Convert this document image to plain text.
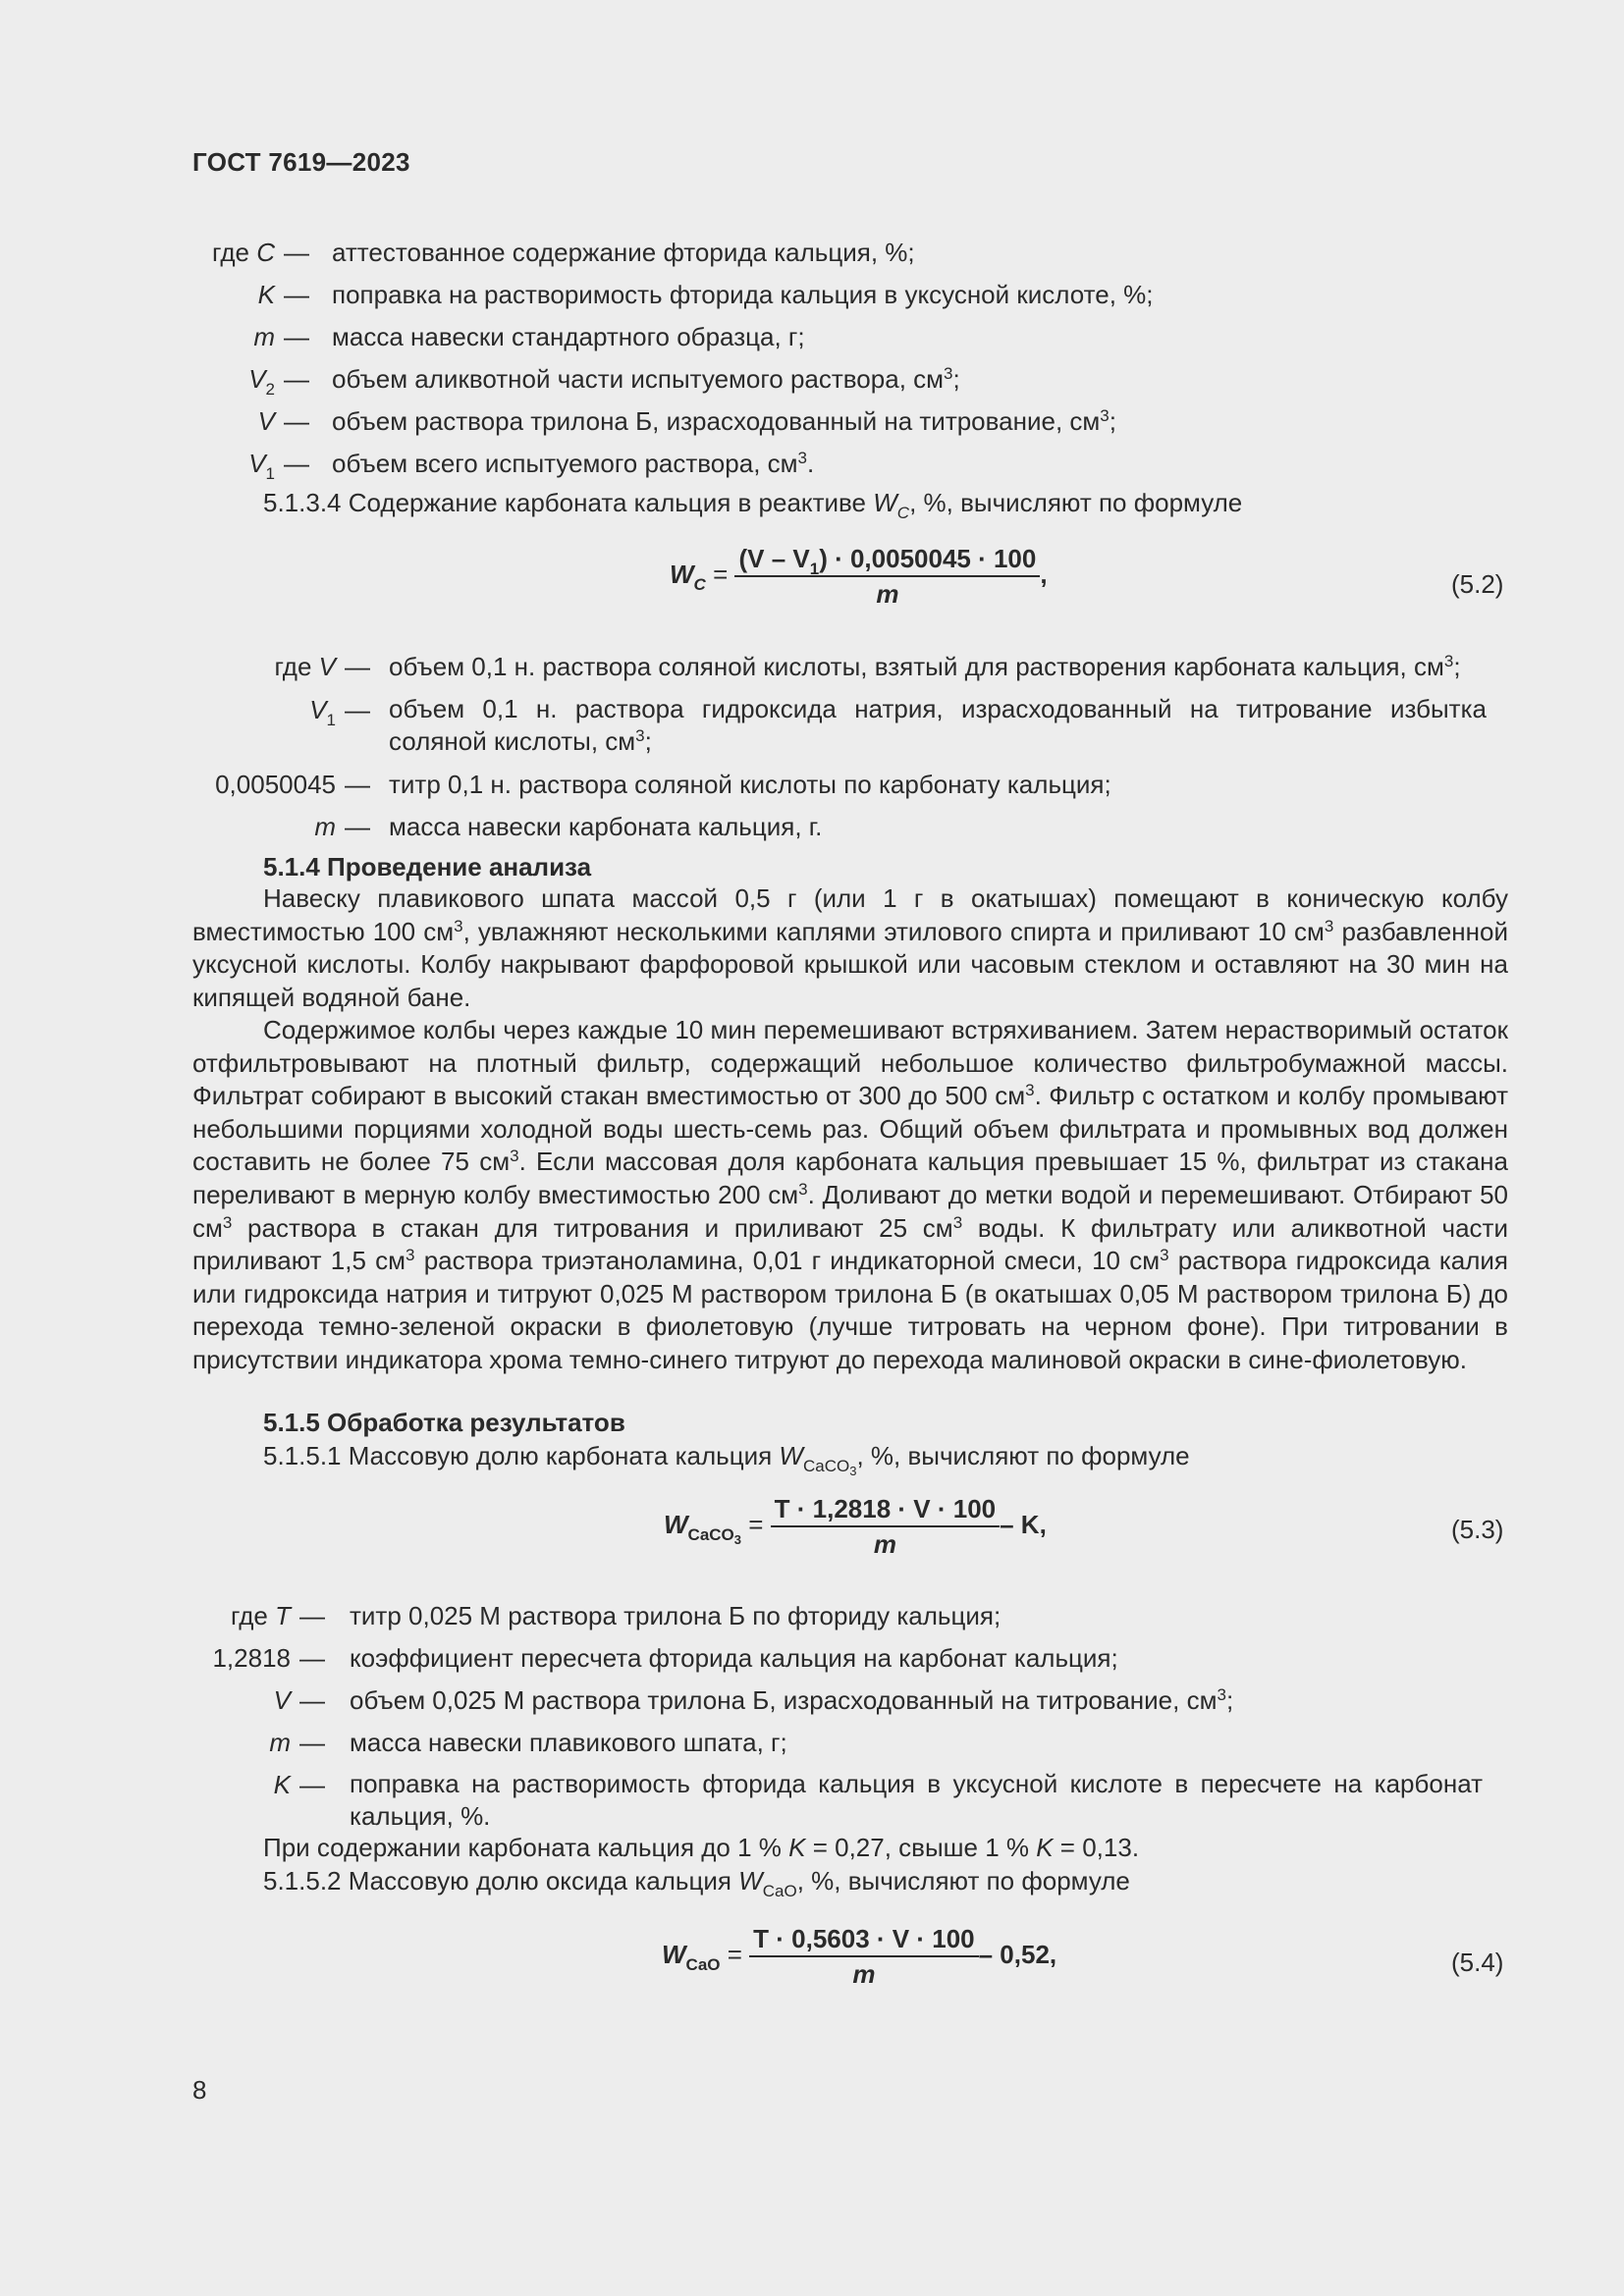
ГОСТ 7619—2023
где C — аттестованное содержание фторида кальция, %;
K — поправка на растворимость фторида кальция в уксусной кислоте, %;
m — масса навески стандартного образца, г;
$V_2$ — объем аликвотной части испытуемого раствора, $см^3$;
V — объем раствора трилона Б, израсходованный на титрование, $см^3$;
$V_1$ — объем всего испытуемого раствора, $см^3$.
5.1.3.4 Содержание карбоната кальция в реактиве $W_C$, %, вычисляют по формуле
$W_C = \frac{(V - V_1) \cdot 0,0050045 \cdot 100}{m}$ ,	(5.2)
где V — объем 0,1 н. раствора соляной кислоты, взятый для растворения карбоната кальция, $см^3$;
$V_1$ — объем 0,1 н. раствора гидроксида натрия, израсходованный на титрование избытка соляной кислоты, $см^3$;
0,0050045 — титр 0,1 н. раствора соляной кислоты по карбонату кальция;
m — масса навески карбоната кальция, г.
5.1.4 Проведение анализа
Навеску плавикового шпата массой 0,5 г (или 1 г в окатышах) помещают в коническую колбу вместимостью 100 $см^3$, увлажняют несколькими каплями этилового спирта и приливают 10 $см^3$ разбавленной уксусной кислоты. Колбу накрывают фарфоровой крышкой или часовым стеклом и оставляют на 30 мин на кипящей водяной бане.
Содержимое колбы через каждые 10 мин перемешивают встряхиванием. Затем нерастворимый остаток отфильтровывают на плотный фильтр, содержащий небольшое количество фильтробумажной массы. Фильтрат собирают в высокий стакан вместимостью от 300 до 500 $см^3$. Фильтр с остатком и колбу промывают небольшими порциями холодной воды шесть-семь раз. Общий объем фильтрата и промывных вод должен составить не более 75 $см^3$. Если массовая доля карбоната кальция превышает 15 %, фильтрат из стакана переливают в мерную колбу вместимостью 200 $см^3$. Доливают до метки водой и перемешивают. Отбирают 50 $см^3$ раствора в стакан для титрования и приливают 25 $см^3$ воды. К фильтрату или аликвотной части приливают 1,5 $см^3$ раствора триэтаноламина, 0,01 г индикаторной смеси, 10 $см^3$ раствора гидроксида калия или гидроксида натрия и титруют 0,025 М раствором трилона Б (в окатышах 0,05 М раствором трилона Б) до перехода темно-зеленой окраски в фиолетовую (лучше титровать на черном фоне). При титровании в присутствии индикатора хрома темно-синего титруют до перехода малиновой окраски в сине-фиолетовую.
5.1.5 Обработка результатов
5.1.5.1 Массовую долю карбоната кальция $W_{CaCO_3}$, %, вычисляют по формуле
$W_{CaCO_3} = \frac{T \cdot 1,2818 \cdot V \cdot 100}{m} - K$,	(5.3)
где T — титр 0,025 М раствора трилона Б по фториду кальция;
1,2818 — коэффициент пересчета фторида кальция на карбонат кальция;
V — объем 0,025 М раствора трилона Б, израсходованный на титрование, $см^3$;
m — масса навески плавикового шпата, г;
K — поправка на растворимость фторида кальция в уксусной кислоте в пересчете на карбонат кальция, %.
При содержании карбоната кальция до 1 % K = 0,27, свыше 1 % K = 0,13.
5.1.5.2 Массовую долю оксида кальция $W_{CaO}$, %, вычисляют по формуле
$W_{CaO} = \frac{T \cdot 0,5603 \cdot V \cdot 100}{m} - 0,52$,	(5.4)
8
